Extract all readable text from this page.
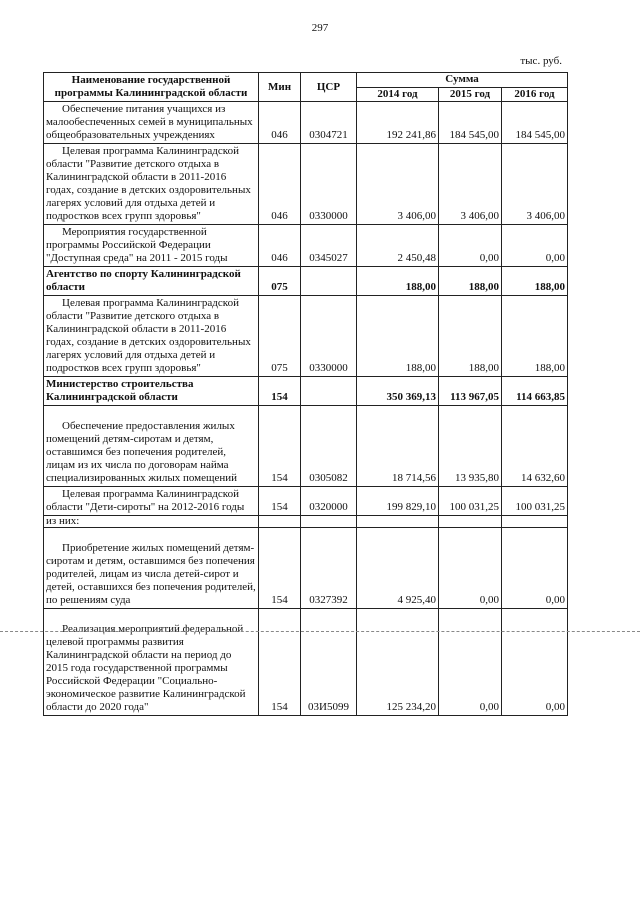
297
тыс. руб.
Наименование государственной программы Калининградской области	Мин	ЦСР	Сумма		
			2014 год	2015 год	2016 год
Обеспечение питания учащихся из малообеспеченных семей в муниципальных общеобразовательных учреждениях	046	0304721	192 241,86	184 545,00	184 545,00
Целевая программа Калининградской области "Развитие детского отдыха в Калининградской области в 2011-2016 годах, создание в детских оздоровительных лагерях условий для отдыха детей и подростков всех групп здоровья"	046	0330000	3 406,00	3 406,00	3 406,00
Мероприятия государственной программы Российской Федерации "Доступная среда" на 2011 - 2015 годы	046	0345027	2 450,48	0,00	0,00
Агентство по спорту Калининградской области	075		188,00	188,00	188,00
Целевая программа Калининградской области "Развитие детского отдыха в Калининградской области в 2011-2016 годах, создание в детских оздоровительных лагерях условий для отдыха детей и подростков всех групп здоровья"	075	0330000	188,00	188,00	188,00
Министерство строительства Калининградской области	154		350 369,13	113 967,05	114 663,85
Обеспечение предоставления жилых помещений детям-сиротам и детям, оставшимся без попечения родителей, лицам из их числа по договорам найма специализированных жилых помещений	154	0305082	18 714,56	13 935,80	14 632,60
Целевая программа Калининградской области "Дети-сироты" на 2012-2016 годы	154	0320000	199 829,10	100 031,25	100 031,25
из них:					
Приобретение жилых помещений детям-сиротам и детям, оставшимся без попечения родителей, лицам из числа детей-сирот и детей, оставшихся без попечения родителей, по решениям суда	154	0327392	4 925,40	0,00	0,00
Реализация мероприятий федеральной целевой программы развития Калининградской области на период до 2015 года государственной программы Российской Федерации "Социально-экономическое развитие Калининградской области до 2020 года"	154	03И5099	125 234,20	0,00	0,00
